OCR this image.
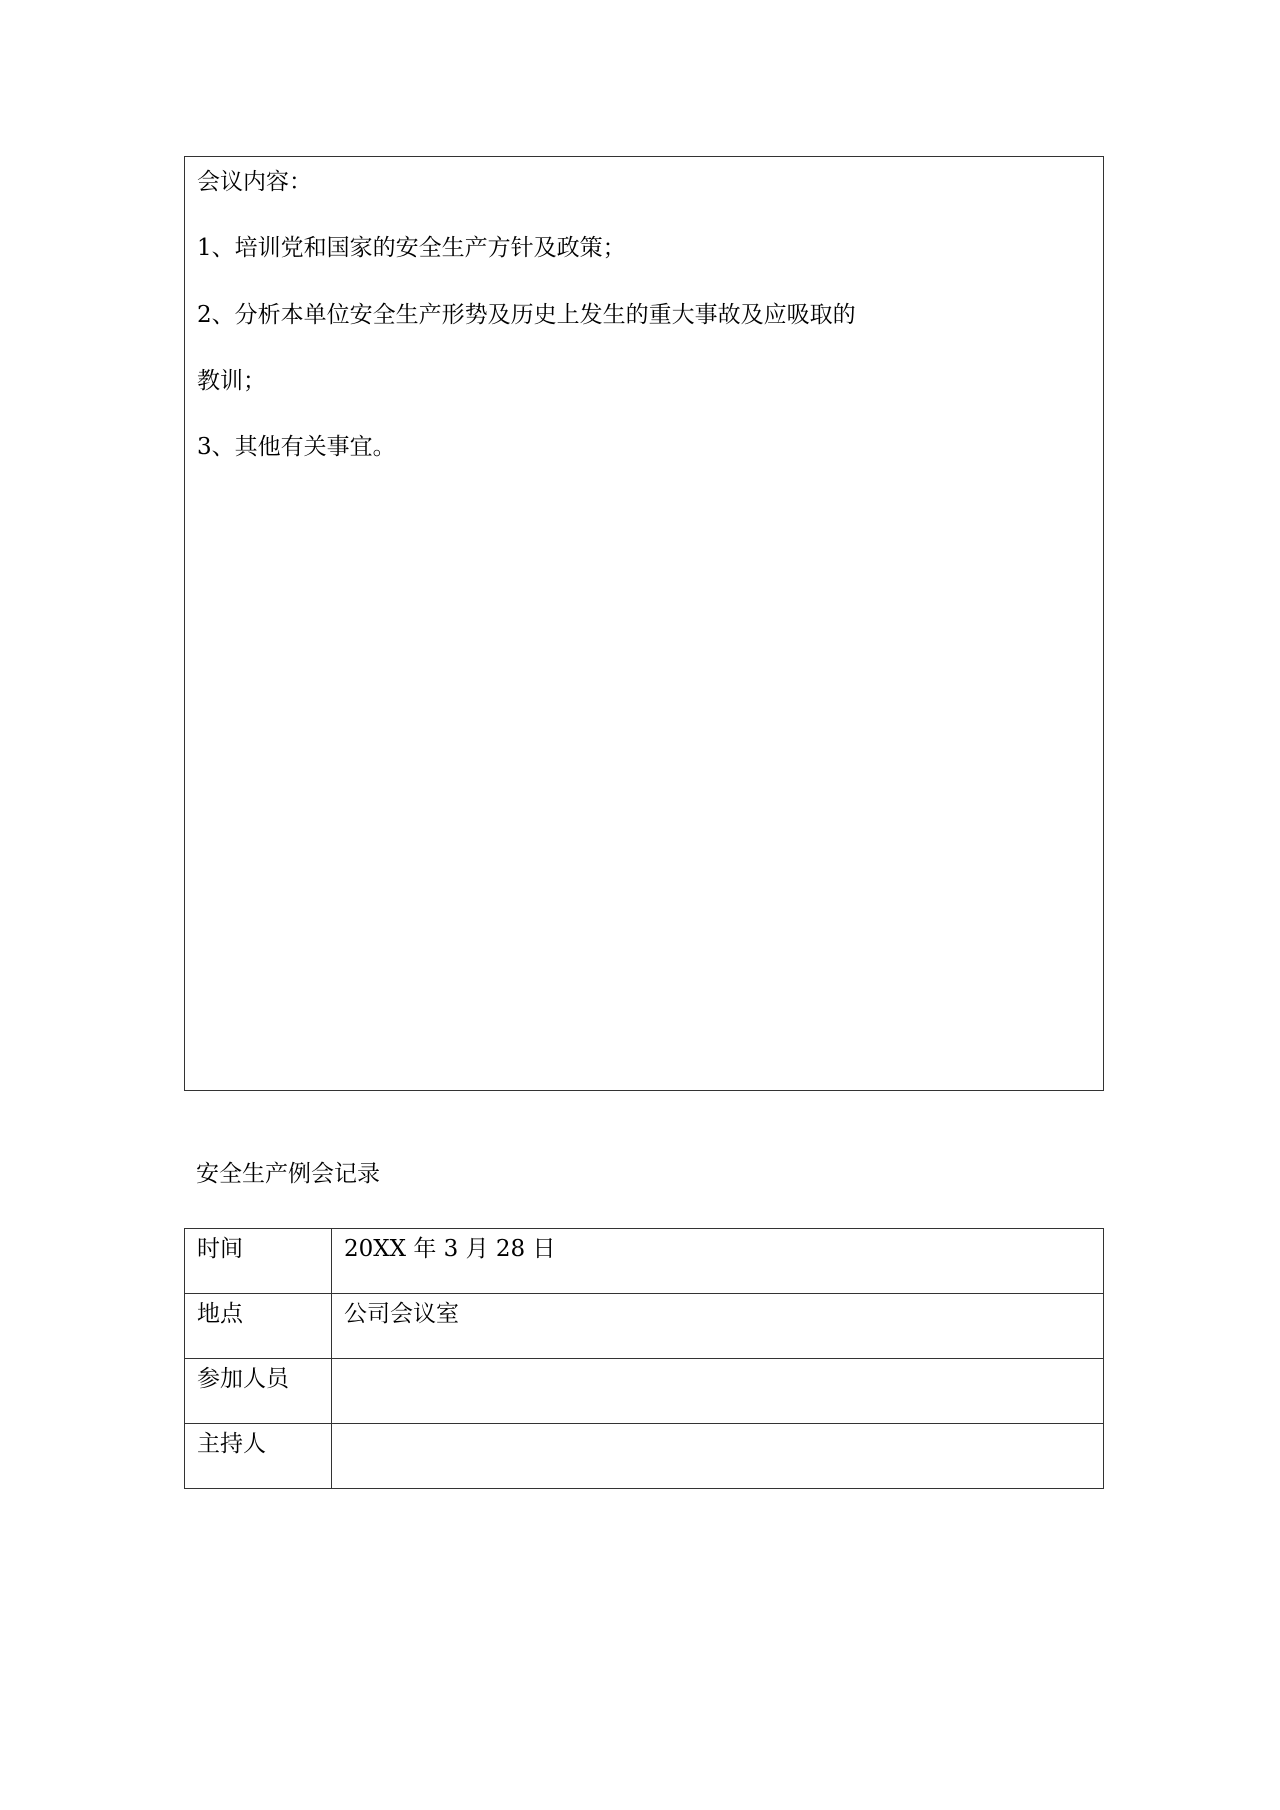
会议内容：

1、培训党和国家的安全生产方针及政策；

2、分析本单位安全生产形势及历史上发生的重大事故及应吸取的

教训；

3、其他有关事宜。

安全生产例会记录
时间	20XX 年 3 月 28 日
地点	公司会议室
参加人员	
主持人	
